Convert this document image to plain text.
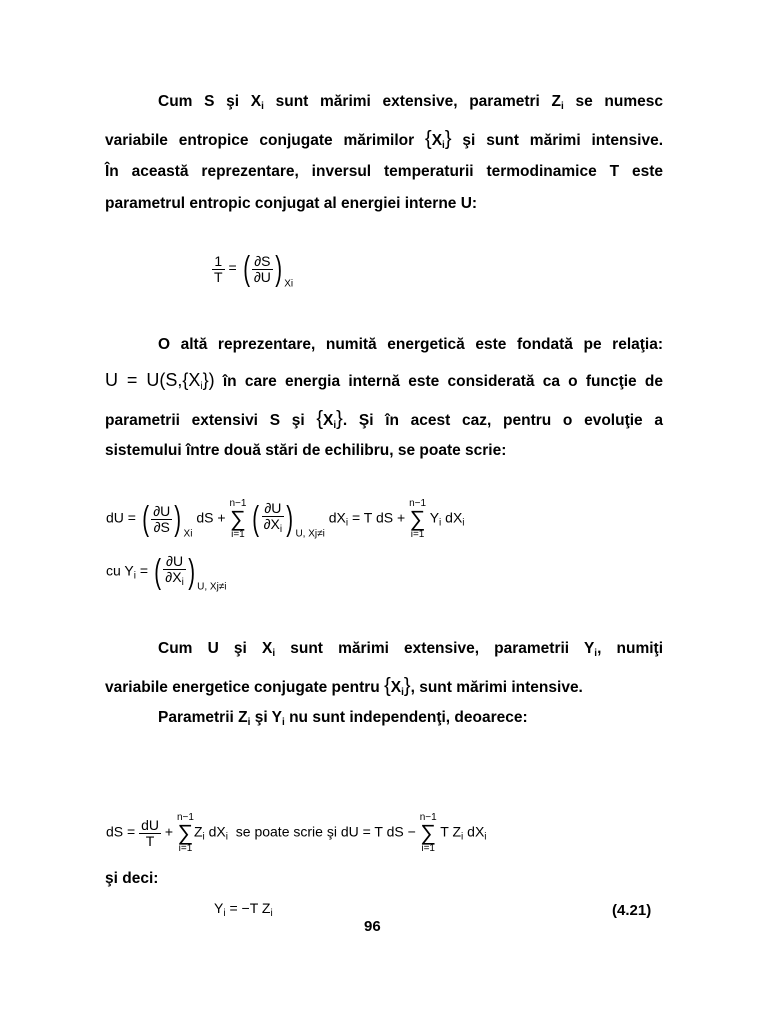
Cum S şi $X_i$ sunt mărimi extensive, parametri $Z_i$ se numesc
variabile entropice conjugate mărimilor {Xi} şi sunt mărimi intensive.
În această reprezentare, inversul temperaturii termodinamice T este
parametrul entropic conjugat al energiei interne U:
$\frac{1}{T}$ = ( $\frac{\partial S}{\partial U}$ ) $_{Xi}$
O altă reprezentare, numită energetică este fondată pe relaţia:
$U = U(S,\{X_i\})$ în care energia internă este considerată ca o funcţie de
parametrii extensivi S şi {Xi}. Şi în acest caz, pentru o evoluţie a
sistemului între două stări de echilibru, se poate scrie:
dU = ( $\frac{\partial U}{\partial S}$ ) $_{Xi}$ dS + n−1
∑
i=1 ( $\frac{\partial U}{\partial X_i}$ ) $_{U, Xj\ne i}$ $dX_i = T$ dS + n−1
∑
i=1 $Y_i$ $dX_i$
cu $Y_i$ = ( $\frac{\partial U}{\partial X_i}$ ) $_{U, Xj\ne i}$
Cum U şi $X_i$ sunt mărimi extensive, parametrii $Y_i$, numiţi
variabile energetice conjugate pentru {Xi}, sunt mărimi intensive.
Parametrii $Z_i$ şi $Y_i$ nu sunt independenţi, deoarece:
dS = $\frac{dU}{T} + n-1$
∑
$i=1Z_i$ $dX_i$ se poate scrie şi dU = T dS − n−1
∑
i=1 T $Z_i$ $dX_i$
şi deci:
$Y_i = -T$ $Z_i$	(4.21)
96
